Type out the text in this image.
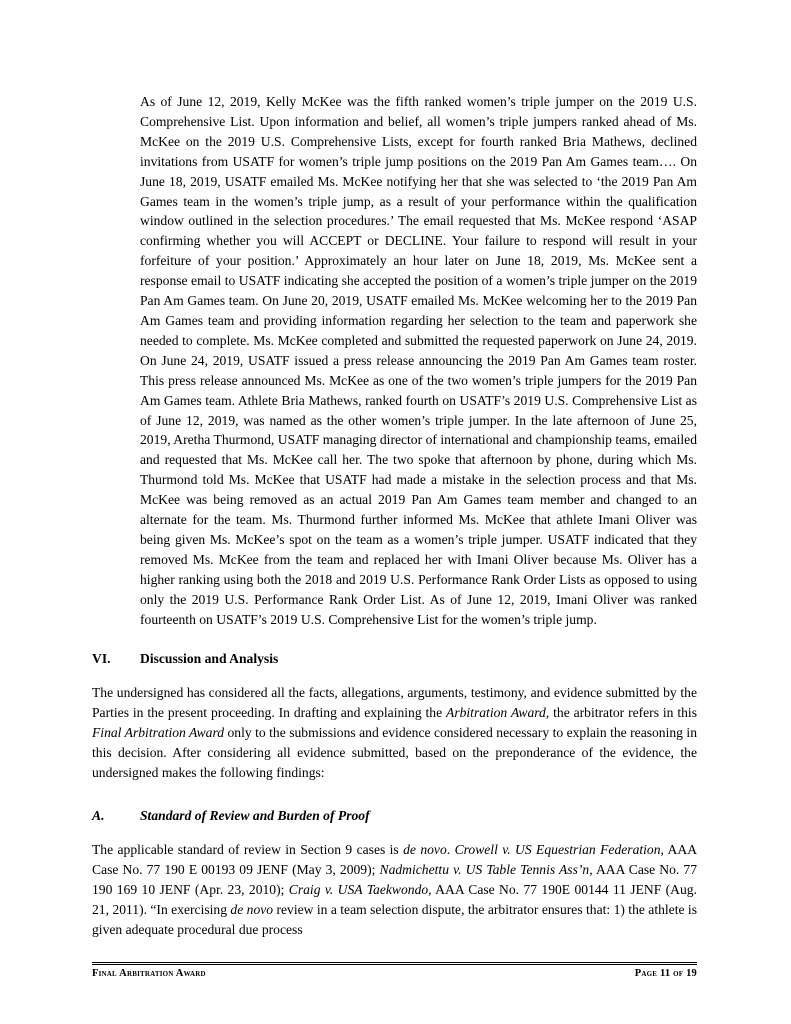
As of June 12, 2019, Kelly McKee was the fifth ranked women’s triple jumper on the 2019 U.S. Comprehensive List. Upon information and belief, all women’s triple jumpers ranked ahead of Ms. McKee on the 2019 U.S. Comprehensive Lists, except for fourth ranked Bria Mathews, declined invitations from USATF for women’s triple jump positions on the 2019 Pan Am Games team…. On June 18, 2019, USATF emailed Ms. McKee notifying her that she was selected to ‘the 2019 Pan Am Games team in the women’s triple jump, as a result of your performance within the qualification window outlined in the selection procedures.’ The email requested that Ms. McKee respond ‘ASAP confirming whether you will ACCEPT or DECLINE. Your failure to respond will result in your forfeiture of your position.’ Approximately an hour later on June 18, 2019, Ms. McKee sent a response email to USATF indicating she accepted the position of a women’s triple jumper on the 2019 Pan Am Games team. On June 20, 2019, USATF emailed Ms. McKee welcoming her to the 2019 Pan Am Games team and providing information regarding her selection to the team and paperwork she needed to complete. Ms. McKee completed and submitted the requested paperwork on June 24, 2019. On June 24, 2019, USATF issued a press release announcing the 2019 Pan Am Games team roster. This press release announced Ms. McKee as one of the two women’s triple jumpers for the 2019 Pan Am Games team. Athlete Bria Mathews, ranked fourth on USATF’s 2019 U.S. Comprehensive List as of June 12, 2019, was named as the other women’s triple jumper. In the late afternoon of June 25, 2019, Aretha Thurmond, USATF managing director of international and championship teams, emailed and requested that Ms. McKee call her. The two spoke that afternoon by phone, during which Ms. Thurmond told Ms. McKee that USATF had made a mistake in the selection process and that Ms. McKee was being removed as an actual 2019 Pan Am Games team member and changed to an alternate for the team. Ms. Thurmond further informed Ms. McKee that athlete Imani Oliver was being given Ms. McKee’s spot on the team as a women’s triple jumper. USATF indicated that they removed Ms. McKee from the team and replaced her with Imani Oliver because Ms. Oliver has a higher ranking using both the 2018 and 2019 U.S. Performance Rank Order Lists as opposed to using only the 2019 U.S. Performance Rank Order List. As of June 12, 2019, Imani Oliver was ranked fourteenth on USATF’s 2019 U.S. Comprehensive List for the women’s triple jump.

VI. Discussion and Analysis

The undersigned has considered all the facts, allegations, arguments, testimony, and evidence submitted by the Parties in the present proceeding. In drafting and explaining the Arbitration Award, the arbitrator refers in this Final Arbitration Award only to the submissions and evidence considered necessary to explain the reasoning in this decision. After considering all evidence submitted, based on the preponderance of the evidence, the undersigned makes the following findings:

A.	Standard of Review and Burden of Proof

The applicable standard of review in Section 9 cases is de novo. Crowell v. US Equestrian Federation, AAA Case No. 77 190 E 00193 09 JENF (May 3, 2009); Nadmichettu v. US Table Tennis Ass’n, AAA Case No. 77 190 169 10 JENF (Apr. 23, 2010); Craig v. USA Taekwondo, AAA Case No. 77 190E 00144 11 JENF (Aug. 21, 2011). “In exercising de novo review in a team selection dispute, the arbitrator ensures that: 1) the athlete is given adequate procedural due process

Final Arbitration Award	Page 11 of 19
